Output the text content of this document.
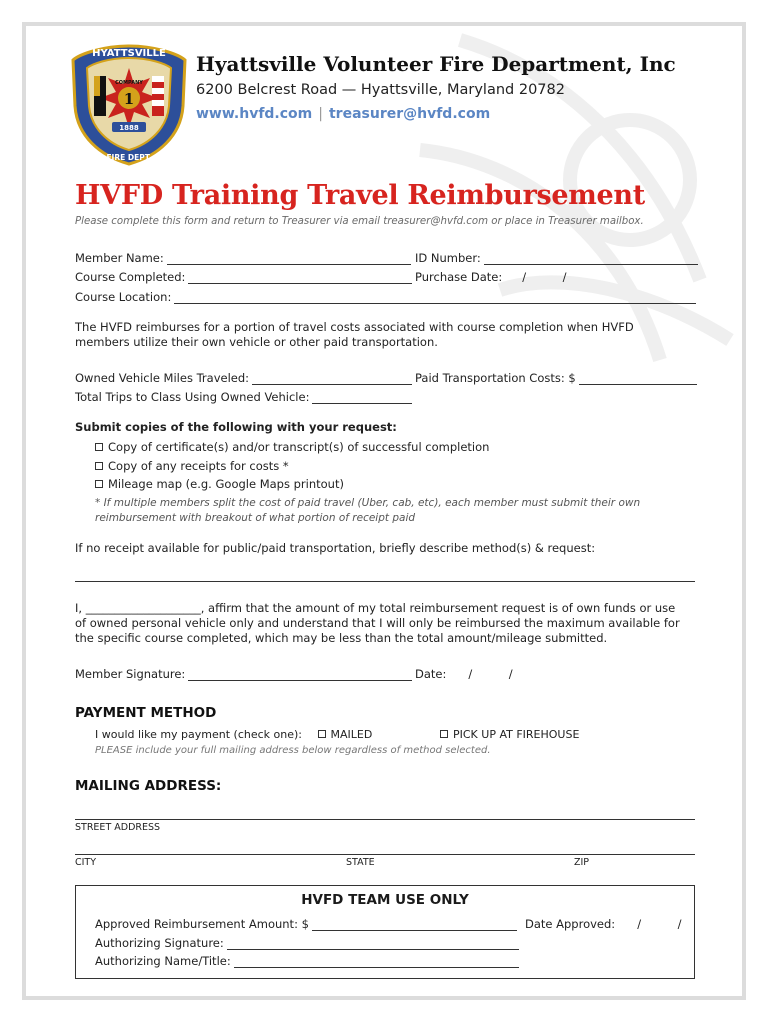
1
COMPANY
1888
HYATTSVILLE
FIRE DEPT.
Hyattsville Volunteer Fire Department, Inc
6200 Belcrest Road — Hyattsville, Maryland 20782
www.hvfd.com | treasurer@hvfd.com
HVFD Training Travel Reimbursement
Please complete this form and return to Treasurer via email treasurer@hvfd.com or place in Treasurer mailbox.
Member Name:	ID Number:
Course Completed:	Purchase Date: /          /
Course Location:
The HVFD reimburses for a portion of travel costs associated with course completion when HVFD members utilize their own vehicle or other paid transportation.
Owned Vehicle Miles Traveled:	Paid Transportation Costs: $
Total Trips to Class Using Owned Vehicle:
Submit copies of the following with your request:
Copy of certificate(s) and/or transcript(s) of successful completion
Copy of any receipts for costs *
Mileage map (e.g. Google Maps printout)
* If multiple members split the cost of paid travel (Uber, cab, etc), each member must submit their own reimbursement with breakout of what portion of receipt paid
If no receipt available for public/paid transportation, briefly describe method(s) & request:
I, ____________________, affirm that the amount of my total reimbursement request is of own funds or use of owned personal vehicle only and understand that I will only be reimbursed the maximum available for the specific course completed, which may be less than the total amount/mileage submitted.
Member Signature:	Date: /          /
PAYMENT METHOD
I would like my payment (check one):	MAILED	PICK UP AT FIREHOUSE
PLEASE include your full mailing address below regardless of method selected.
MAILING ADDRESS:
STREET ADDRESS
CITY	STATE	ZIP
HVFD TEAM USE ONLY
Approved Reimbursement Amount: $	Date Approved: /          /
Authorizing Signature:
Authorizing Name/Title:
